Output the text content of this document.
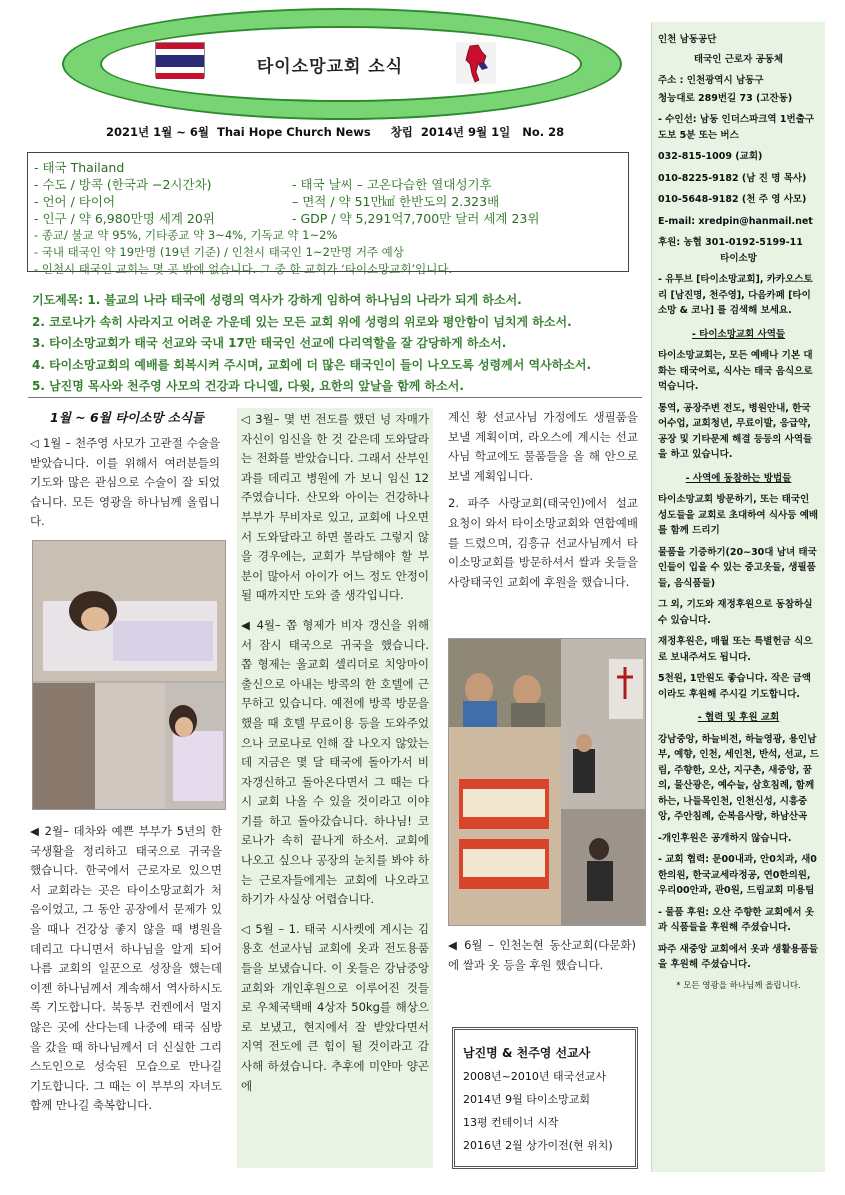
타이소망교회 소식
2021년 1월 ~ 6월  Thai Hope Church News     창립  2014년 9월 1일   No. 28
- 태국 Thailand
- 수도 / 방콕 (한국과 −2시간차)	- 태국 날씨 – 고온다습한 열대성기후
- 언어 / 타이어	– 면적 / 약 51만㎢ 한반도의 2.323배
- 인구 / 약 6,980만명 세계 20위	- GDP / 약 5,291억7,700만 달러 세계 23위
- 종교/ 불교 약 95%, 기타종교 약 3~4%, 기독교 약 1~2%
- 국내 태국인 약 19만명 (19년 기준) / 인천시 태국인 1~2만명 거주 예상
- 인천시 태국인 교회는 몇 곳 밖에 없습니다. 그 중 한 교회가 ‘타이소망교회’입니다.
기도제목: 1. 불교의 나라 태국에 성령의 역사가 강하게 임하여 하나님의 나라가 되게 하소서.
2. 코로나가 속히 사라지고 어려운 가운데 있는 모든 교회 위에 성령의 위로와 평안함이 넘치게 하소서.
3. 타이소망교회가 태국 선교와 국내 17만 태국인 선교에 다리역할을 잘 감당하게 하소서.
4. 타이소망교회의 예배를 회복시켜 주시며, 교회에 더 많은 태국인이 들이 나오도록 성령께서 역사하소서.
5. 남진명 목사와 천주영 사모의 건강과 다니엘, 다윗, 요한의 앞날을 함께 하소서.
1월 ~ 6월 타이소망 소식들

◁ 1월 – 천주영 사모가 고관절 수술을 받았습니다. 이를 위해서 여러분들의 기도와 많은 관심으로 수술이 잘 되었습니다. 모든 영광을 하나님께 올립니다.

◀ 2월– 데차와 예쁜 부부가 5년의 한국생활을 정리하고 태국으로 귀국을 했습니다. 한국에서 근로자로 있으면서 교회라는 곳은 타이소망교회가 처음이었고, 그 동안 공장에서 문제가 있을 때나 건강상 좋지 않을 때 병원을 데리고 다니면서 하나님을 알게 되어 나름 교회의 일꾼으로 성장을 했는데 이젠 하나님께서 계속해서 역사하시도록 기도합니다. 북동부 컨켄에서 멀지 않은 곳에 산다는데 나중에 태국 심방을 갔을 때 하나님께서 더 신실한 그리스도인으로 성숙된 모습으로 만나길 기도합니다. 그 때는 이 부부의 자녀도 함께 만나길 축복합니다.

◁ 3월– 몇 번 전도를 했던 넝 자매가 자신이 임신을 한 것 같은데 도와달라는 전화를 받았습니다. 그래서 산부인과를 데리고 병원에 가 보니 임신 12주였습니다. 산모와 아이는 건강하나 부부가 무비자로 있고, 교회에 나오면서 도와달라고 하면 몰라도 그렇지 않을 경우에는, 교회가 부담해야 할 부분이 많아서 아이가 어느 정도 안정이 될 때까지만 도와 줄 생각입니다.

◀ 4월– 쫍 형제가 비자 갱신을 위해서 잠시 태국으로 귀국을 했습니다. 쫍 형제는 울교회 셀리더로 치앙마이 출신으로 아내는 방콕의 한 호텔에 근무하고 있습니다. 예전에 방콕 방문을 했을 때 호텔 무료이용 등을 도와주었으나 코로나로 인해 잘 나오지 않았는데 지금은 몇 달 태국에 돌아가서 비자갱신하고 돌아온다면서 그 때는 다시 교회 나올 수 있을 것이라고 이야기를 하고 돌아갔습니다. 하나님! 코로나가 속히 끝나게 하소서. 교회에 나오고 싶으나 공장의 눈치를 봐야 하는 근로자들에게는 교회에 나오라고 하기가 사실상 어렵습니다.

◁ 5월 – 1. 태국 시사켓에 계시는 김용호 선교사님 교회에 옷과 전도용품들을 보냈습니다. 이 옷들은 강남중앙교회와 개인후원으로 이루어진 것들로 우체국택배 4상자 50kg를 해상으로 보냈고, 현지에서 잘 받았다면서 지역 전도에 큰 힘이 될 것이라고 감사해 하셨습니다. 추후에 미얀마 양곤에

계신 황 선교사님 가정에도 생필품을 보낼 계획이며, 라오스에 계시는 선교사님 학교에도 물품들을 올 해 안으로 보낼 계획입니다.

2. 파주 사랑교회(태국인)에서 설교 요청이 와서 타이소망교회와 연합예배를 드렸으며, 김흥규 선교사님께서 타이소망교회를 방문하셔서 쌀과 옷들을 사랑태국인 교회에 후원을 했습니다.

◀ 6월 – 인천논현 동산교회(다문화)에 쌀과 옷 등을 후원 했습니다.

남진명 & 천주영 선교사
2008년~2010년 태국선교사
2014년 9월 타이소망교회
13평 컨테이너 시작
2016년 2월 상가이전(현 위치)

인천 남동공단

태국인 근로자 공동체

주소 : 인천광역시 남동구

청능대로 289번길 73 (고잔동)

- 수인선: 남동 인더스파크역 1번출구 도보 5분 또는 버스

032-815-1009 (교회)

010-8225-9182 (남 진 명 목사)

010-5648-9182 (천 주 영 사모)

E-mail: xredpin@hanmail.net

후원: 농협 301-0192-5199-11

타이소망

- 유투브 [타이소망교회], 카카오스토리 [남진명, 천주영], 다음카페 [타이소망 & 코나] 를 검색해 보세요.

- 타이소망교회 사역들

타이소망교회는, 모든 예배나 기본 대화는 태국어로, 식사는 태국 음식으로 먹습니다.

통역, 공장주변 전도, 병원안내, 한국어수업, 교회청년, 무료이발, 응급약, 공장 및 기타문제 해결 등등의 사역들을 하고 있습니다.

- 사역에 동참하는 방법들

타이소망교회 방문하기, 또는 태국인 성도들을 교회로 초대하여 식사등 예배를 함께 드리기

물품을 기증하기(20~30대 남녀 태국인들이 입을 수 있는 중고옷들, 생필품들, 음식품들)

그 외, 기도와 재정후원으로 동참하실 수 있습니다.

재정후원은, 매월 또는 특별헌금 식으로 보내주셔도 됩니다.

5천원, 1만원도 좋습니다. 작은 금액이라도 후원해 주시길 기도합니다.

- 협력 및 후원 교회

강남중앙, 하늘비전, 하늘영광, 용인남부, 예향, 인천, 세인천, 반석, 선교, 드림, 주향한, 오산, 지구촌, 새중앙, 꿈의, 물산광은, 예수늘, 삼호침례, 함께하는, 나들목인천, 인천신성, 시흥중앙, 주안침례, 순복음사랑, 하남산곡

-개인후원은 공개하지 않습니다.

- 교회 협력: 문00내과, 안0치과, 새0한의원, 한국교세라정공, 연0한의원, 우리00안과, 관0원, 드림교회 미용팀

- 물품 후원: 오산 주향한 교회에서 옷과 식품들을 후원해 주셨습니다.

파주 새중앙 교회에서 옷과 생활용품들을 후원해 주셨습니다.

* 모든 영광을 하나님께 올립니다.
